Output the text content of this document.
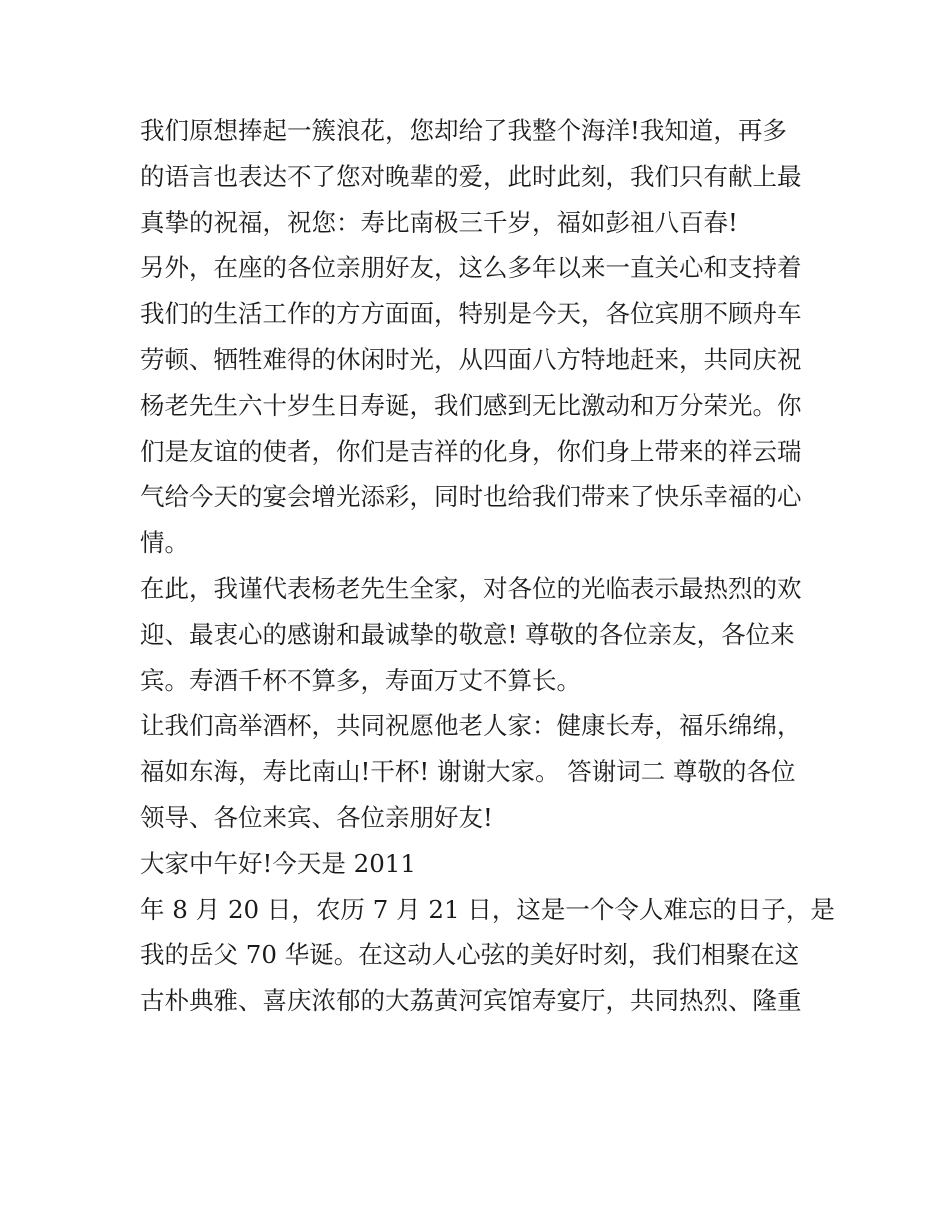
我们原想捧起一簇浪花，您却给了我整个海洋!我知道，再多
的语言也表达不了您对晚辈的爱，此时此刻，我们只有献上最
真挚的祝福，祝您：寿比南极三千岁，福如彭祖八百春!
另外，在座的各位亲朋好友，这么多年以来一直关心和支持着
我们的生活工作的方方面面，特别是今天，各位宾朋不顾舟车
劳顿、牺牲难得的休闲时光，从四面八方特地赶来，共同庆祝
杨老先生六十岁生日寿诞，我们感到无比激动和万分荣光。你
们是友谊的使者，你们是吉祥的化身，你们身上带来的祥云瑞
气给今天的宴会增光添彩，同时也给我们带来了快乐幸福的心
情。
在此，我谨代表杨老先生全家，对各位的光临表示最热烈的欢
迎、最衷心的感谢和最诚挚的敬意! 尊敬的各位亲友，各位来
宾。寿酒千杯不算多，寿面万丈不算长。
让我们高举酒杯，共同祝愿他老人家：健康长寿，福乐绵绵，
福如东海，寿比南山!干杯! 谢谢大家。 答谢词二 尊敬的各位
领导、各位来宾、各位亲朋好友!
大家中午好!今天是 2011
年 8 月 20 日，农历 7 月 21 日，这是一个令人难忘的日子，是
我的岳父 70 华诞。在这动人心弦的美好时刻，我们相聚在这
古朴典雅、喜庆浓郁的大荔黄河宾馆寿宴厅，共同热烈、隆重
